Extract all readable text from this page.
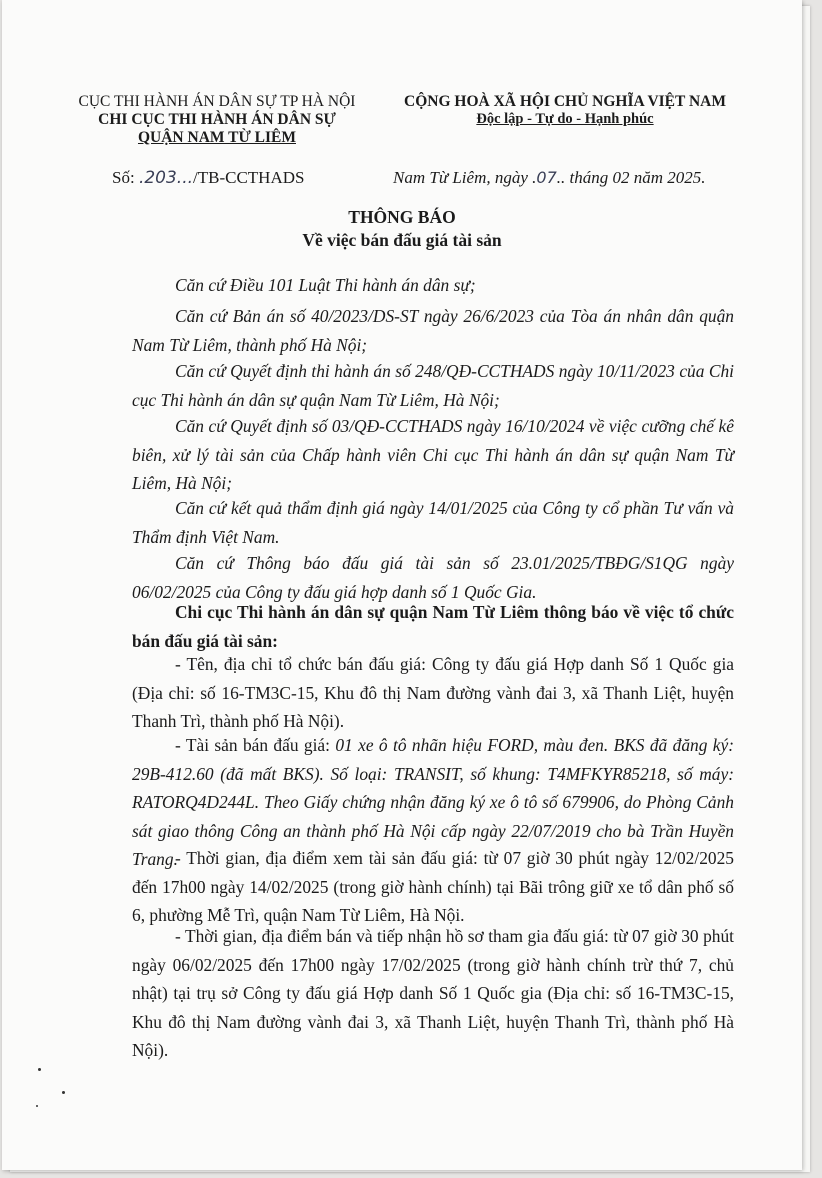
CỤC THI HÀNH ÁN DÂN SỰ TP HÀ NỘI
CHI CỤC THI HÀNH ÁN DÂN SỰ
QUẬN NAM TỪ LIÊM
CỘNG HOÀ XÃ HỘI CHỦ NGHĨA VIỆT NAM
Độc lập - Tự do - Hạnh phúc
Số: .203.../TB-CCTHADS	Nam Từ Liêm, ngày .07.. tháng 02 năm 2025.
THÔNG BÁO
Về việc bán đấu giá tài sản
Căn cứ Điều 101 Luật Thi hành án dân sự;
Căn cứ Bản án số 40/2023/DS-ST ngày 26/6/2023 của Tòa án nhân dân quận Nam Từ Liêm, thành phố Hà Nội;
Căn cứ Quyết định thi hành án số 248/QĐ-CCTHADS ngày 10/11/2023 của Chi cục Thi hành án dân sự quận Nam Từ Liêm, Hà Nội;
Căn cứ Quyết định số 03/QĐ-CCTHADS ngày 16/10/2024 về việc cưỡng chế kê biên, xử lý tài sản của Chấp hành viên Chi cục Thi hành án dân sự quận Nam Từ Liêm, Hà Nội;
Căn cứ kết quả thẩm định giá ngày 14/01/2025 của Công ty cổ phần Tư vấn và Thẩm định Việt Nam.
Căn cứ Thông báo đấu giá tài sản số 23.01/2025/TBĐG/S1QG ngày 06/02/2025 của Công ty đấu giá hợp danh số 1 Quốc Gia.
Chi cục Thi hành án dân sự quận Nam Từ Liêm thông báo về việc tổ chức bán đấu giá tài sản:
- Tên, địa chỉ tổ chức bán đấu giá: Công ty đấu giá Hợp danh Số 1 Quốc gia (Địa chỉ: số 16-TM3C-15, Khu đô thị Nam đường vành đai 3, xã Thanh Liệt, huyện Thanh Trì, thành phố Hà Nội).
- Tài sản bán đấu giá: 01 xe ô tô nhãn hiệu FORD, màu đen. BKS đã đăng ký: 29B-412.60 (đã mất BKS). Số loại: TRANSIT, số khung: T4MFKYR85218, số máy: RATORQ4D244L. Theo Giấy chứng nhận đăng ký xe ô tô số 679906, do Phòng Cảnh sát giao thông Công an thành phố Hà Nội cấp ngày 22/07/2019 cho bà Trần Huyền Trang.
- Thời gian, địa điểm xem tài sản đấu giá: từ 07 giờ 30 phút ngày 12/02/2025 đến 17h00 ngày 14/02/2025 (trong giờ hành chính) tại Bãi trông giữ xe tổ dân phố số 6, phường Mễ Trì, quận Nam Từ Liêm, Hà Nội.
- Thời gian, địa điểm bán và tiếp nhận hồ sơ tham gia đấu giá: từ 07 giờ 30 phút ngày 06/02/2025 đến 17h00 ngày 17/02/2025 (trong giờ hành chính trừ thứ 7, chủ nhật) tại trụ sở Công ty đấu giá Hợp danh Số 1 Quốc gia (Địa chỉ: số 16-TM3C-15, Khu đô thị Nam đường vành đai 3, xã Thanh Liệt, huyện Thanh Trì, thành phố Hà Nội).
